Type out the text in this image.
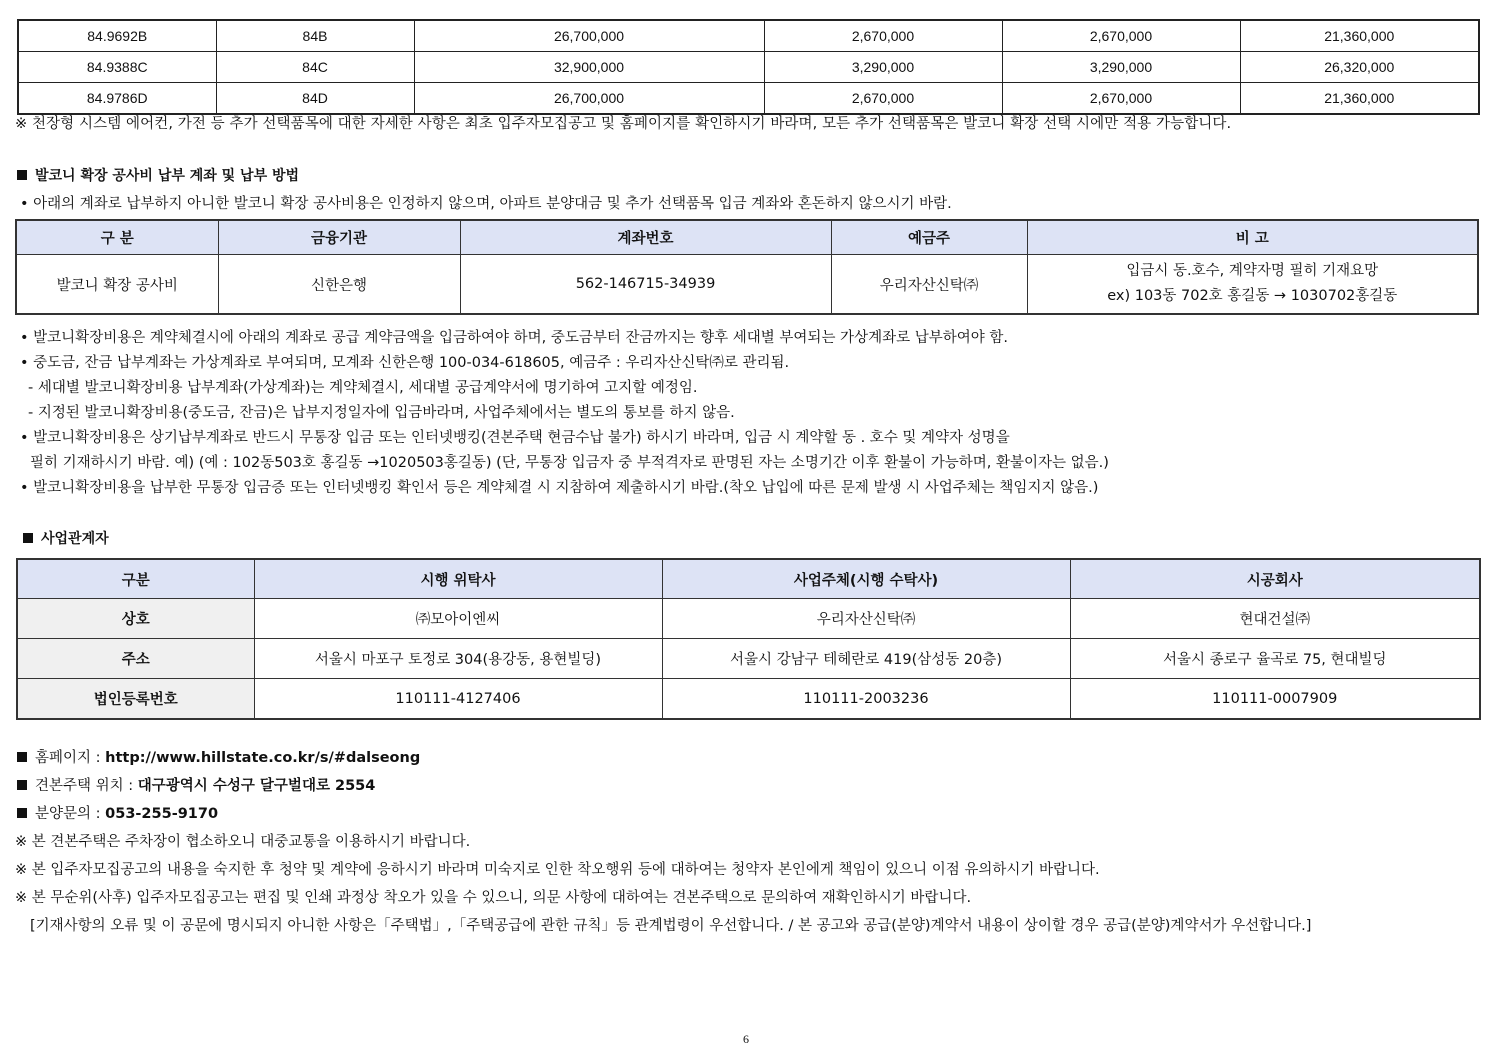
84.9692B	84B	26,700,000	2,670,000	2,670,000	21,360,000
84.9388C	84C	32,900,000	3,290,000	3,290,000	26,320,000
84.9786D	84D	26,700,000	2,670,000	2,670,000	21,360,000
※ 천장형 시스템 에어컨, 가전 등 추가 선택품목에 대한 자세한 사항은 최초 입주자모집공고 및 홈페이지를 확인하시기 바라며, 모든 추가 선택품목은 발코니 확장 선택 시에만 적용 가능합니다.
발코니 확장 공사비 납부 계좌 및 납부 방법
• 아래의 계좌로 납부하지 아니한 발코니 확장 공사비용은 인정하지 않으며, 아파트 분양대금 및 추가 선택품목 입금 계좌와 혼돈하지 않으시기 바람.
구 분	금융기관	계좌번호	예금주	비 고
발코니 확장 공사비	신한은행	562-146715-34939	우리자산신탁㈜	입금시 동.호수, 계약자명 필히 기재요망
ex) 103동 702호 홍길동 → 1030702홍길동
• 발코니확장비용은 계약체결시에 아래의 계좌로 공급 계약금액을 입금하여야 하며, 중도금부터 잔금까지는 향후 세대별 부여되는 가상계좌로 납부하여야 함.
• 중도금, 잔금 납부계좌는 가상계좌로 부여되며, 모계좌 신한은행 100-034-618605, 예금주 : 우리자산신탁㈜로 관리됨.
- 세대별 발코니확장비용 납부계좌(가상계좌)는 계약체결시, 세대별 공급계약서에 명기하여 고지할 예정임.
- 지정된 발코니확장비용(중도금, 잔금)은 납부지정일자에 입금바라며, 사업주체에서는 별도의 통보를 하지 않음.
• 발코니확장비용은 상기납부계좌로 반드시 무통장 입금 또는 인터넷뱅킹(견본주택 현금수납 불가) 하시기 바라며, 입금 시 계약할 동 . 호수 및 계약자 성명을
필히 기재하시기 바람. 예) (예 : 102동503호 홍길동 →1020503홍길동) (단, 무통장 입금자 중 부적격자로 판명된 자는 소명기간 이후 환불이 가능하며, 환불이자는 없음.)
• 발코니확장비용을 납부한 무통장 입금증 또는 인터넷뱅킹 확인서 등은 계약체결 시 지참하여 제출하시기 바람.(착오 납입에 따른 문제 발생 시 사업주체는 책임지지 않음.)
사업관계자
구분	시행 위탁사	사업주체(시행 수탁사)	시공회사
상호	㈜모아이엔씨	우리자산신탁㈜	현대건설㈜
주소	서울시 마포구 토정로 304(용강동, 용현빌딩)	서울시 강남구 테헤란로 419(삼성동 20층)	서울시 종로구 율곡로 75, 현대빌딩
법인등록번호	110111-4127406	110111-2003236	110111-0007909
홈페이지 : http://www.hillstate.co.kr/s/#dalseong
견본주택 위치 : 대구광역시 수성구 달구벌대로 2554
분양문의 : 053-255-9170
※ 본 견본주택은 주차장이 협소하오니 대중교통을 이용하시기 바랍니다.
※ 본 입주자모집공고의 내용을 숙지한 후 청약 및 계약에 응하시기 바라며 미숙지로 인한 착오행위 등에 대하여는 청약자 본인에게 책임이 있으니 이점 유의하시기 바랍니다.
※ 본 무순위(사후) 입주자모집공고는 편집 및 인쇄 과정상 착오가 있을 수 있으니, 의문 사항에 대하여는 견본주택으로 문의하여 재확인하시기 바랍니다.
[기재사항의 오류 및 이 공문에 명시되지 아니한 사항은「주택법」,「주택공급에 관한 규칙」등 관계법령이 우선합니다. / 본 공고와 공급(분양)계약서 내용이 상이할 경우 공급(분양)계약서가 우선합니다.]
6
